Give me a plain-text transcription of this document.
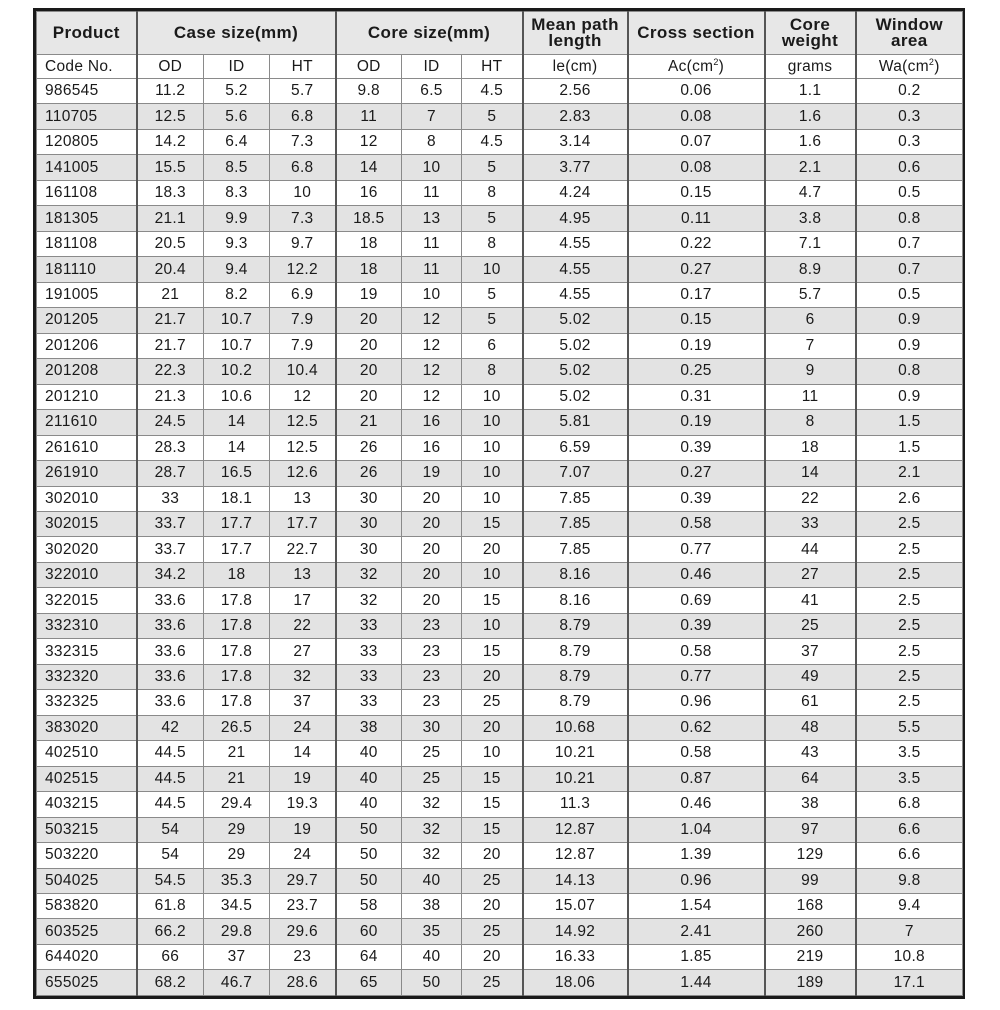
Product	Case size(mm)			Core size(mm)			Mean path length	Cross section	Core weight	Window area
Code No.	OD	ID	HT	OD	ID	HT	le(cm)	$Ac(cm^2)$	grams	$Wa(cm^2)$
986545	11.2	5.2	5.7	9.8	6.5	4.5	2.56	0.06	1.1	0.2
110705	12.5	5.6	6.8	11	7	5	2.83	0.08	1.6	0.3
120805	14.2	6.4	7.3	12	8	4.5	3.14	0.07	1.6	0.3
141005	15.5	8.5	6.8	14	10	5	3.77	0.08	2.1	0.6
161108	18.3	8.3	10	16	11	8	4.24	0.15	4.7	0.5
181305	21.1	9.9	7.3	18.5	13	5	4.95	0.11	3.8	0.8
181108	20.5	9.3	9.7	18	11	8	4.55	0.22	7.1	0.7
181110	20.4	9.4	12.2	18	11	10	4.55	0.27	8.9	0.7
191005	21	8.2	6.9	19	10	5	4.55	0.17	5.7	0.5
201205	21.7	10.7	7.9	20	12	5	5.02	0.15	6	0.9
201206	21.7	10.7	7.9	20	12	6	5.02	0.19	7	0.9
201208	22.3	10.2	10.4	20	12	8	5.02	0.25	9	0.8
201210	21.3	10.6	12	20	12	10	5.02	0.31	11	0.9
211610	24.5	14	12.5	21	16	10	5.81	0.19	8	1.5
261610	28.3	14	12.5	26	16	10	6.59	0.39	18	1.5
261910	28.7	16.5	12.6	26	19	10	7.07	0.27	14	2.1
302010	33	18.1	13	30	20	10	7.85	0.39	22	2.6
302015	33.7	17.7	17.7	30	20	15	7.85	0.58	33	2.5
302020	33.7	17.7	22.7	30	20	20	7.85	0.77	44	2.5
322010	34.2	18	13	32	20	10	8.16	0.46	27	2.5
322015	33.6	17.8	17	32	20	15	8.16	0.69	41	2.5
332310	33.6	17.8	22	33	23	10	8.79	0.39	25	2.5
332315	33.6	17.8	27	33	23	15	8.79	0.58	37	2.5
332320	33.6	17.8	32	33	23	20	8.79	0.77	49	2.5
332325	33.6	17.8	37	33	23	25	8.79	0.96	61	2.5
383020	42	26.5	24	38	30	20	10.68	0.62	48	5.5
402510	44.5	21	14	40	25	10	10.21	0.58	43	3.5
402515	44.5	21	19	40	25	15	10.21	0.87	64	3.5
403215	44.5	29.4	19.3	40	32	15	11.3	0.46	38	6.8
503215	54	29	19	50	32	15	12.87	1.04	97	6.6
503220	54	29	24	50	32	20	12.87	1.39	129	6.6
504025	54.5	35.3	29.7	50	40	25	14.13	0.96	99	9.8
583820	61.8	34.5	23.7	58	38	20	15.07	1.54	168	9.4
603525	66.2	29.8	29.6	60	35	25	14.92	2.41	260	7
644020	66	37	23	64	40	20	16.33	1.85	219	10.8
655025	68.2	46.7	28.6	65	50	25	18.06	1.44	189	17.1
